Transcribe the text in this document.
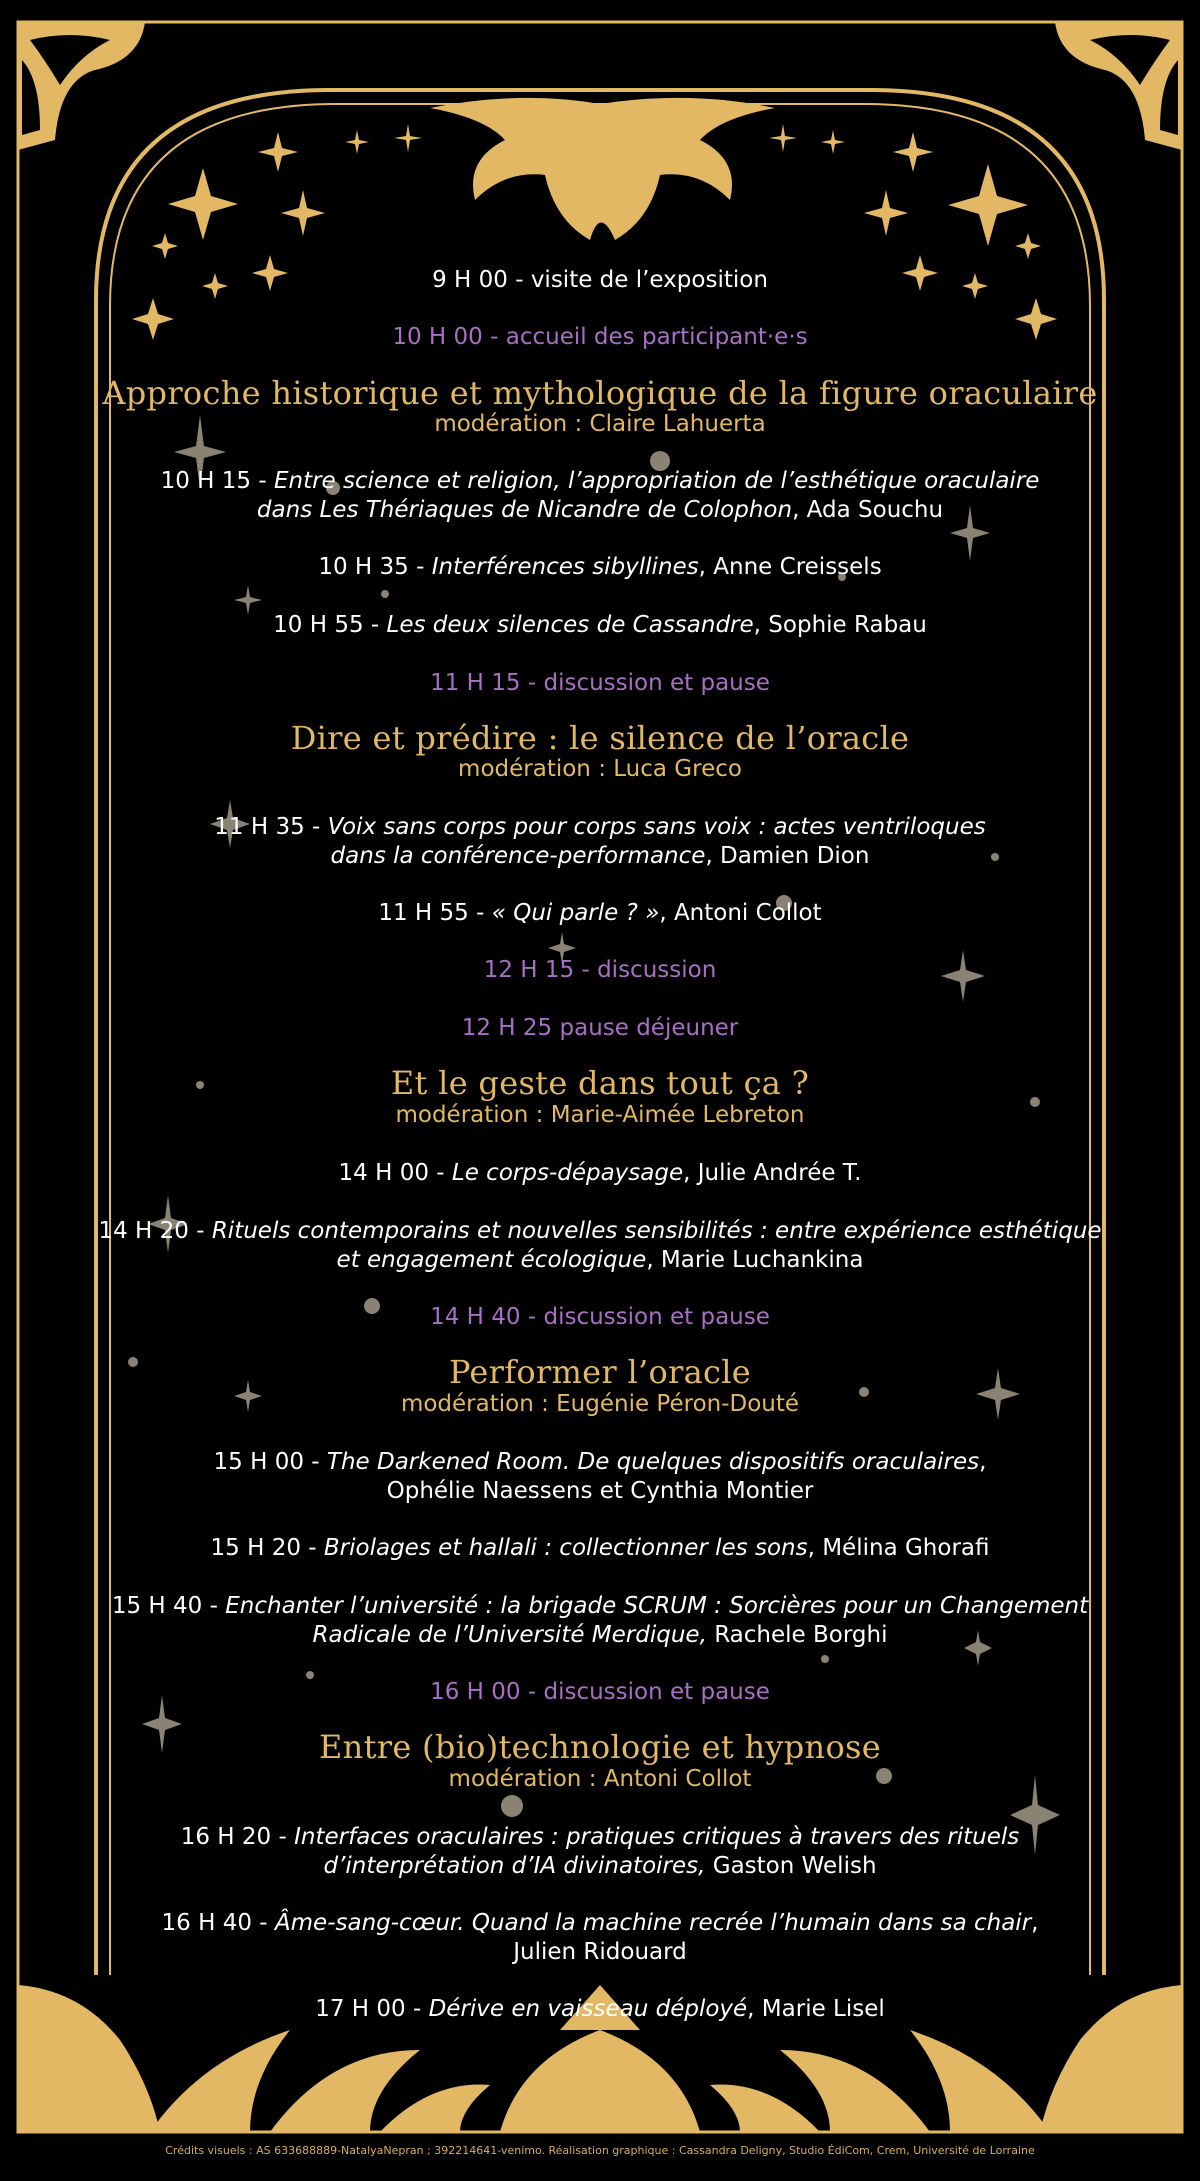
9 H 00 - visite de l’exposition
10 H 00 - accueil des participant·e·s
Approche historique et mythologique de la figure oraculaire
modération : Claire Lahuerta
10 H 15 - Entre science et religion, l’appropriation de l’esthétique oraculaire
dans Les Thériaques de Nicandre de Colophon, Ada Souchu
10 H 35 - Interférences sibyllines, Anne Creissels
10 H 55 - Les deux silences de Cassandre, Sophie Rabau
11 H 15 - discussion et pause
Dire et prédire : le silence de l’oracle
modération : Luca Greco
11 H 35 - Voix sans corps pour corps sans voix : actes ventriloques
dans la conférence-performance, Damien Dion
11 H 55 - « Qui parle ? », Antoni Collot
12 H 15 - discussion
12 H 25 pause déjeuner
Et le geste dans tout ça ?
modération : Marie-Aimée Lebreton
14 H 00 - Le corps-dépaysage, Julie Andrée T.
14 H 20 - Rituels contemporains et nouvelles sensibilités : entre expérience esthétique
et engagement écologique, Marie Luchankina
14 H 40 - discussion et pause
Performer l’oracle
modération : Eugénie Péron-Douté
15 H 00 - The Darkened Room. De quelques dispositifs oraculaires,
Ophélie Naessens et Cynthia Montier
15 H 20 - Briolages et hallali : collectionner les sons, Mélina Ghorafi
15 H 40 - Enchanter l’université : la brigade SCRUM : Sorcières pour un Changement
Radicale de l’Université Merdique, Rachele Borghi
16 H 00 - discussion et pause
Entre (bio)technologie et hypnose
modération : Antoni Collot
16 H 20 - Interfaces oraculaires : pratiques critiques à travers des rituels
d’interprétation d’IA divinatoires, Gaston Welish
16 H 40 - Âme-sang-cœur. Quand la machine recrée l’humain dans sa chair,
Julien Ridouard
17 H 00 - Dérive en vaisseau déployé, Marie Lisel
Crédits visuels : AS 633688889-NatalyaNepran ; 392214641-venimo. Réalisation graphique : Cassandra Deligny, Studio ÉdiCom, Crem, Université de Lorraine
